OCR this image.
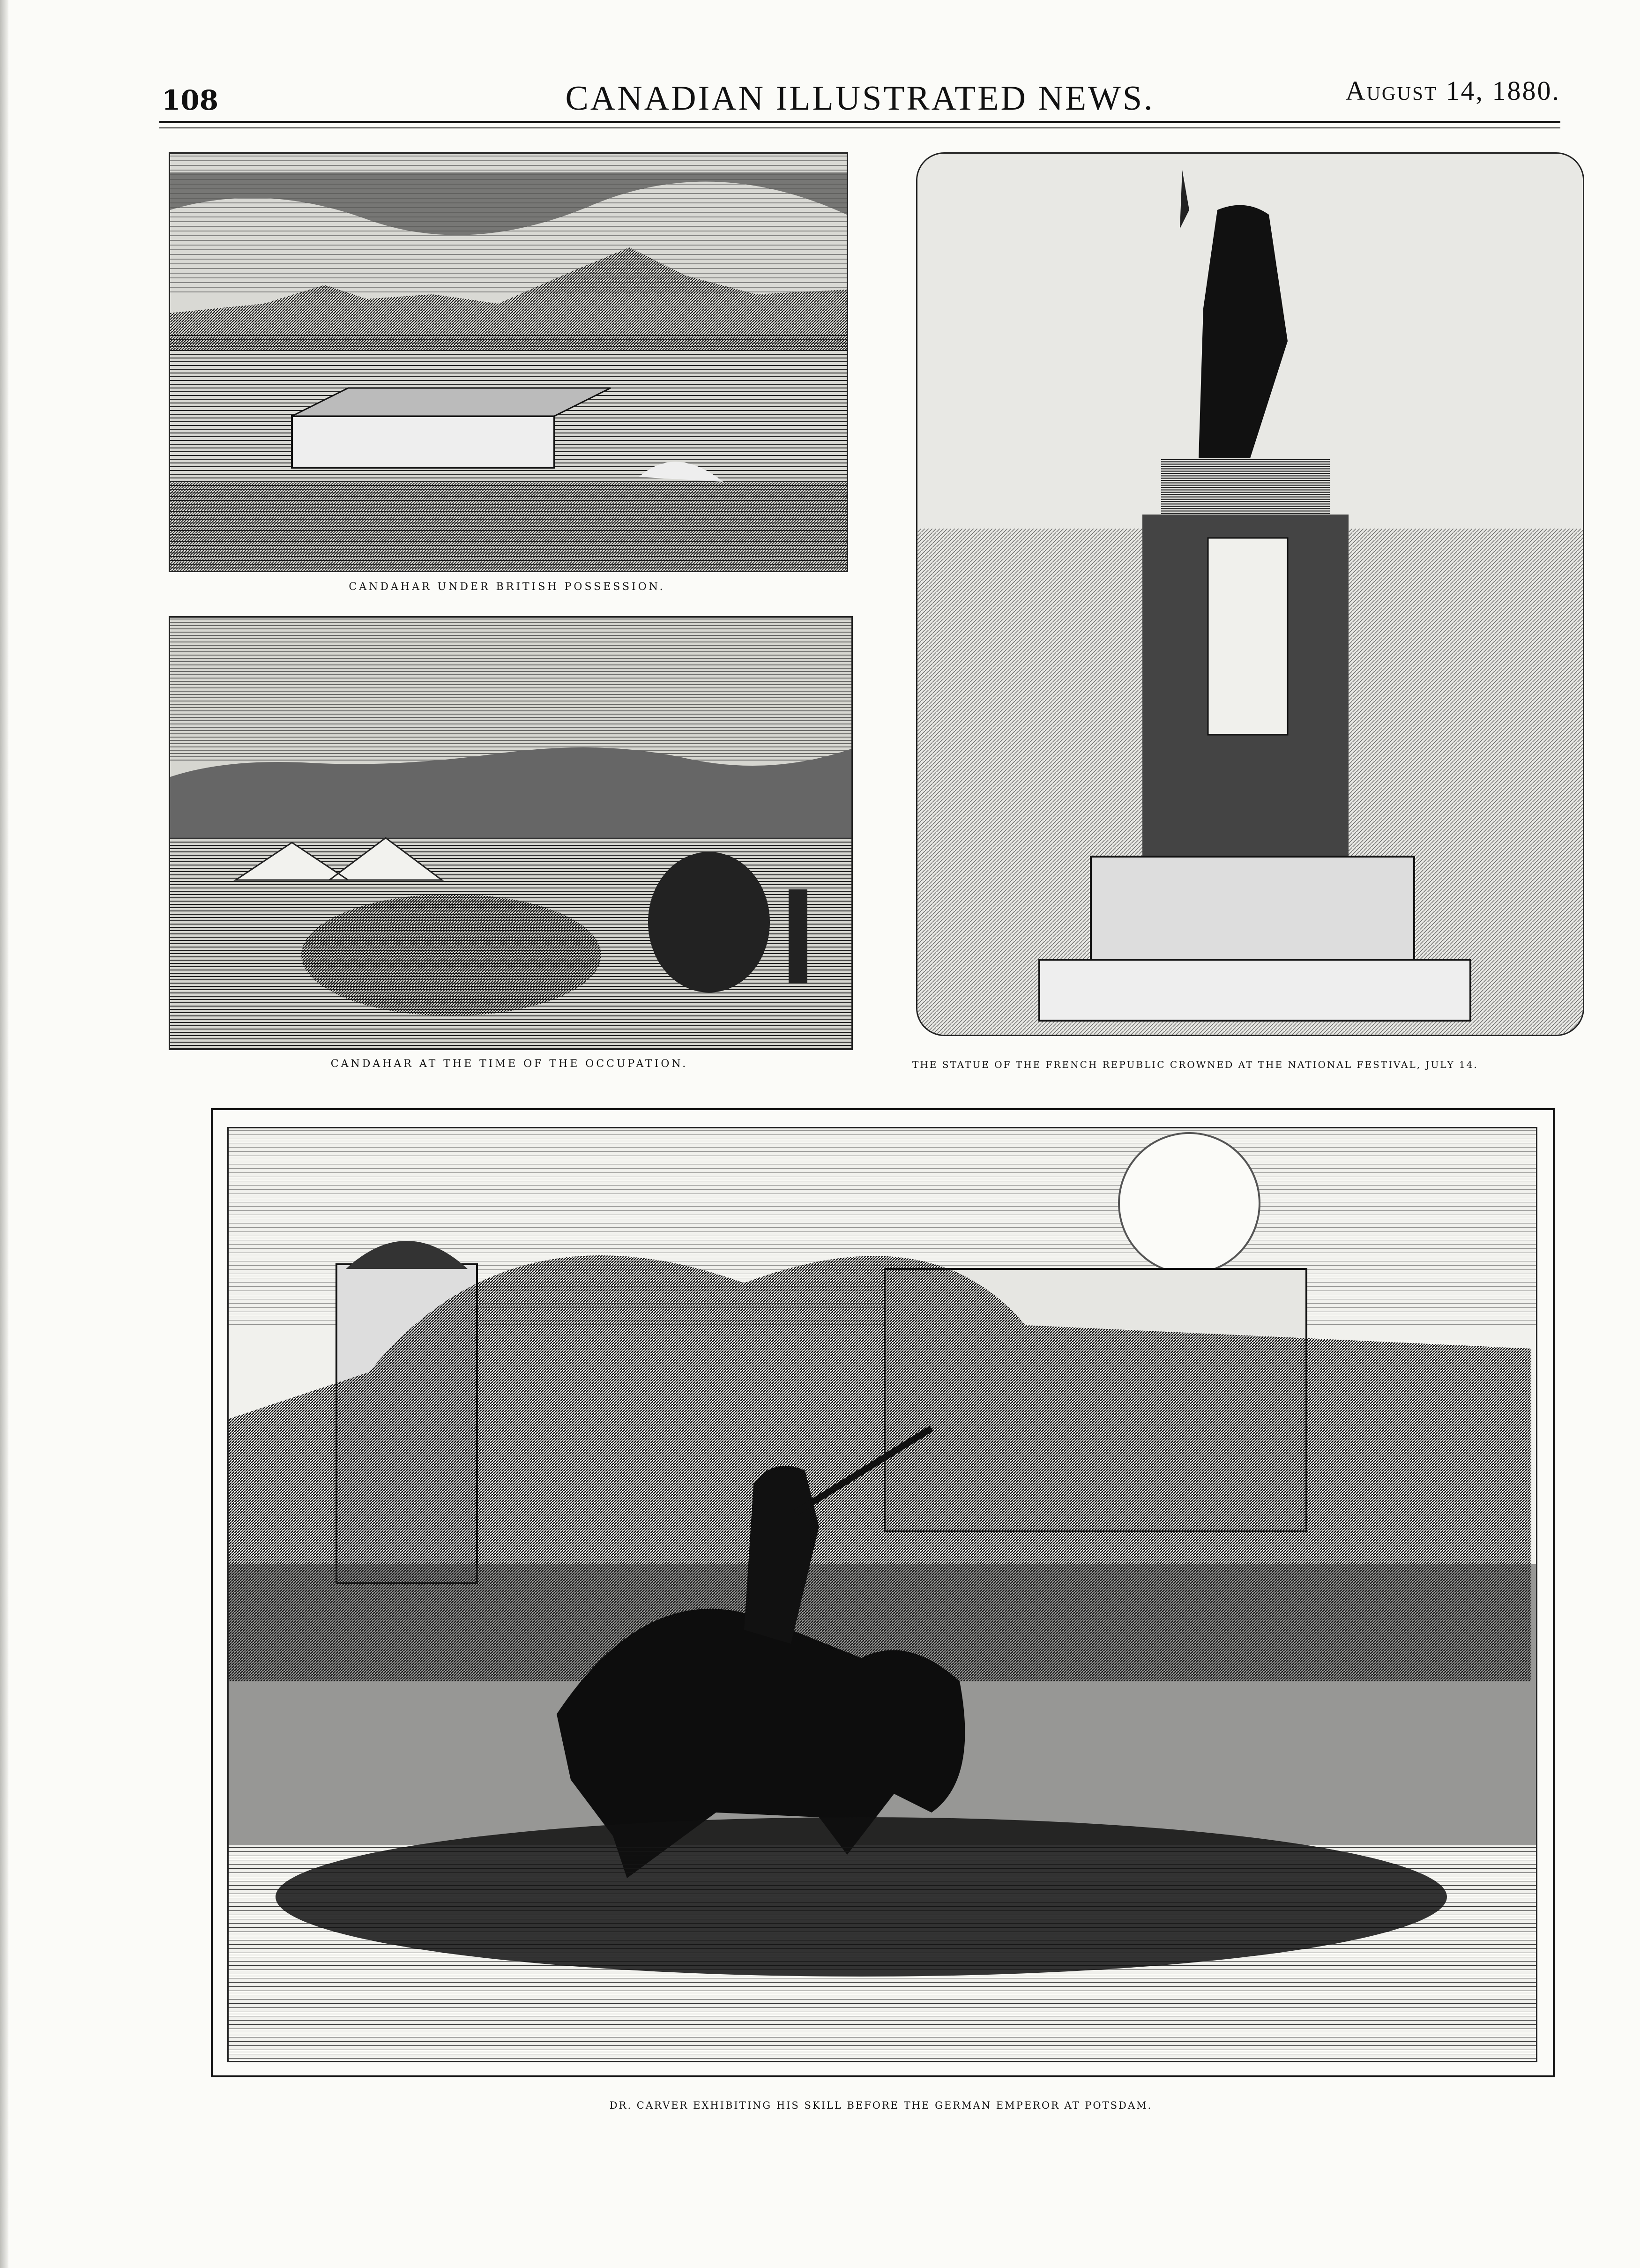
108	CANADIAN ILLUSTRATED NEWS.	August 14, 1880.
CANDAHAR UNDER BRITISH POSSESSION.
CANDAHAR AT THE TIME OF THE OCCUPATION.	THE STATUE OF THE FRENCH REPUBLIC CROWNED AT THE NATIONAL FESTIVAL, JULY 14.
DR. CARVER EXHIBITING HIS SKILL BEFORE THE GERMAN EMPEROR AT POTSDAM.
